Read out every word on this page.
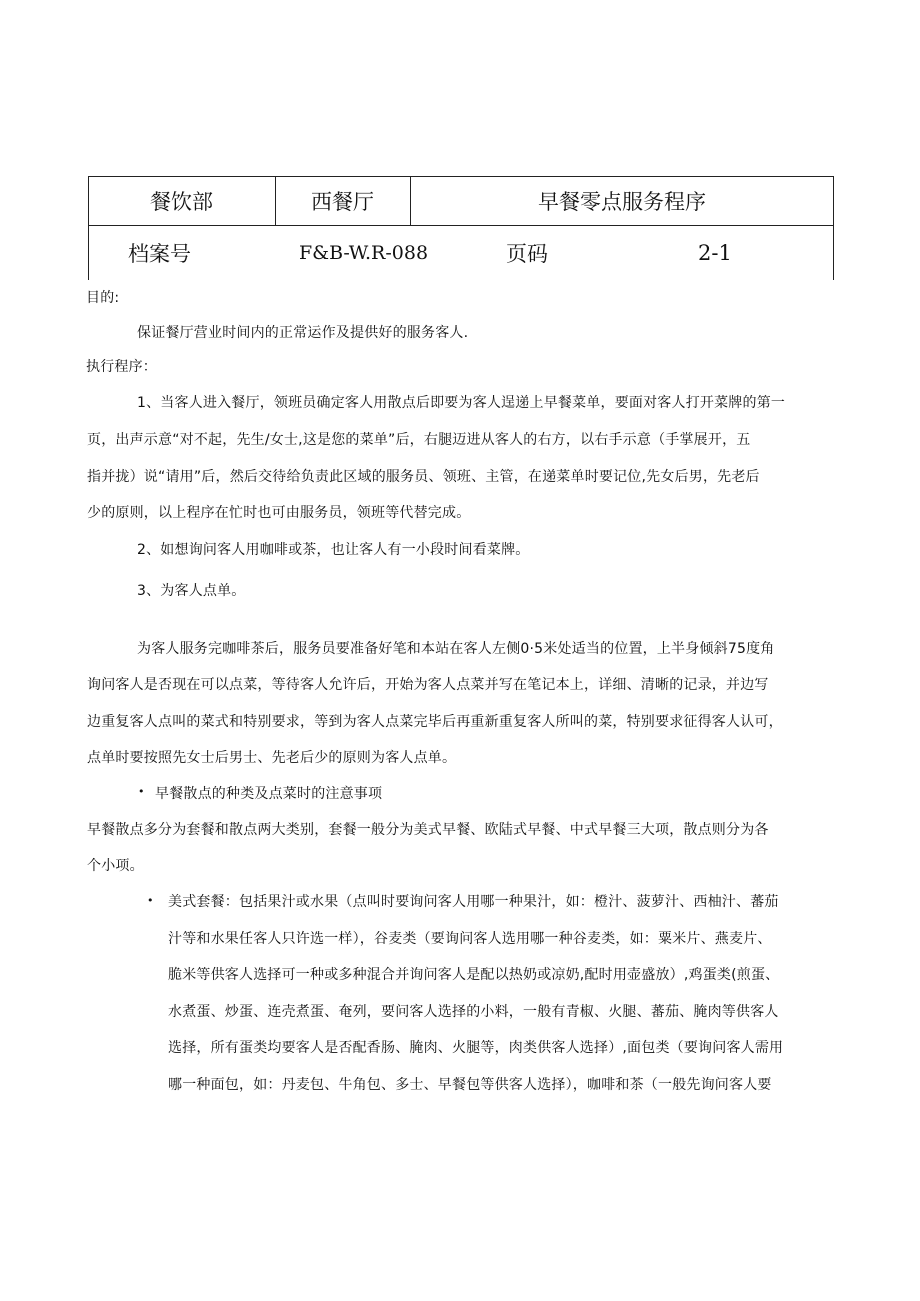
餐饮部	西餐厅	早餐零点服务程序
档案号	F&B-W.R-088	页码	2-1
目的:
保证餐厅营业时间内的正常运作及提供好的服务客人.
执行程序：
1、当客人进入餐厅，领班员确定客人用散点后即要为客人逞递上早餐菜单，要面对客人打开菜牌的第一
页，出声示意“对不起，先生/女士,这是您的菜单”后，右腿迈进从客人的右方，以右手示意（手掌展开，五
指并拢）说“请用”后，然后交待给负责此区域的服务员、领班、主管，在递菜单时要记位,先女后男，先老后
少的原则，以上程序在忙时也可由服务员，领班等代替完成。
2、如想询问客人用咖啡或茶，也让客人有一小段时间看菜牌。
3、为客人点单。
为客人服务完咖啡茶后，服务员要准备好笔和本站在客人左侧0·5米处适当的位置，上半身倾斜75度角
询问客人是否现在可以点菜，等待客人允许后，开始为客人点菜并写在笔记本上，详细、清晰的记录，并边写
边重复客人点叫的菜式和特别要求，等到为客人点菜完毕后再重新重复客人所叫的菜，特别要求征得客人认可，
点单时要按照先女士后男士、先老后少的原则为客人点单。
• 早餐散点的种类及点菜时的注意事项
早餐散点多分为套餐和散点两大类别，套餐一般分为美式早餐、欧陆式早餐、中式早餐三大项，散点则分为各
个小项。
• 美式套餐：包括果汁或水果（点叫时要询问客人用哪一种果汁，如：橙汁、菠萝汁、西柚汁、蕃茄
汁等和水果任客人只许选一样），谷麦类（要询问客人选用哪一种谷麦类，如：粟米片、燕麦片、
脆米等供客人选择可一种或多种混合并询问客人是配以热奶或凉奶,配时用壶盛放）,鸡蛋类(煎蛋、
水煮蛋、炒蛋、连壳煮蛋、奄列，要问客人选择的小料，一般有青椒、火腿、蕃茄、腌肉等供客人
选择，所有蛋类均要客人是否配香肠、腌肉、火腿等，肉类供客人选择）,面包类（要询问客人需用
哪一种面包，如：丹麦包、牛角包、多士、早餐包等供客人选择），咖啡和茶（一般先询问客人要
